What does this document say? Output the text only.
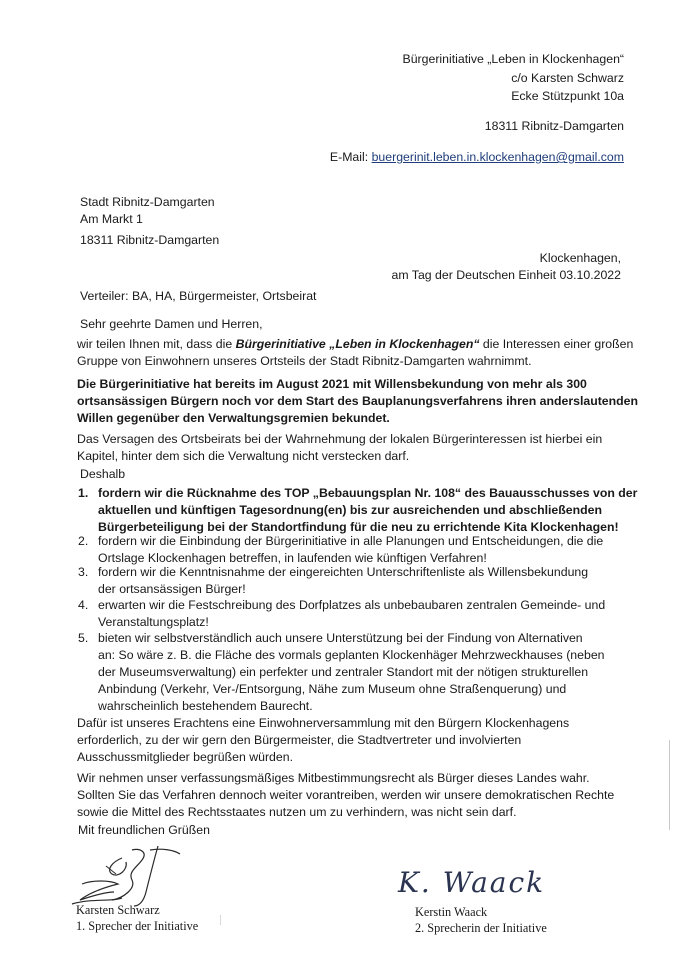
Bürgerinitiative „Leben in Klockenhagen“
c/o Karsten Schwarz
Ecke Stützpunkt 10a
18311 Ribnitz-Damgarten
E-Mail: buergerinit.leben.in.klockenhagen@gmail.com
Stadt Ribnitz-Damgarten
Am Markt 1
18311 Ribnitz-Damgarten
Klockenhagen,
am Tag der Deutschen Einheit 03.10.2022
Verteiler: BA, HA, Bürgermeister, Ortsbeirat
Sehr geehrte Damen und Herren,
wir teilen Ihnen mit, dass die Bürgerinitiative „Leben in Klockenhagen“ die Interessen einer großen
Gruppe von Einwohnern unseres Ortsteils der Stadt Ribnitz-Damgarten wahrnimmt.
Die Bürgerinitiative hat bereits im August 2021 mit Willensbekundung von mehr als 300
ortsansässigen Bürgern noch vor dem Start des Bauplanungsverfahrens ihren anderslautenden
Willen gegenüber den Verwaltungsgremien bekundet.
Das Versagen des Ortsbeirats bei der Wahrnehmung der lokalen Bürgerinteressen ist hierbei ein
Kapitel, hinter dem sich die Verwaltung nicht verstecken darf.
Deshalb
1. fordern wir die Rücknahme des TOP „Bebauungsplan Nr. 108“ des Bauausschusses von der
aktuellen und künftigen Tagesordnung(en) bis zur ausreichenden und abschließenden
Bürgerbeteiligung bei der Standortfindung für die neu zu errichtende Kita Klockenhagen!
2. fordern wir die Einbindung der Bürgerinitiative in alle Planungen und Entscheidungen, die die
Ortslage Klockenhagen betreffen, in laufenden wie künftigen Verfahren!
3. fordern wir die Kenntnisnahme der eingereichten Unterschriftenliste als Willensbekundung
der ortsansässigen Bürger!
4. erwarten wir die Festschreibung des Dorfplatzes als unbebaubaren zentralen Gemeinde- und
Veranstaltungsplatz!
5. bieten wir selbstverständlich auch unsere Unterstützung bei der Findung von Alternativen
an: So wäre z. B. die Fläche des vormals geplanten Klockenhäger Mehrzweckhauses (neben
der Museumsverwaltung) ein perfekter und zentraler Standort mit der nötigen strukturellen
Anbindung (Verkehr, Ver-/Entsorgung, Nähe zum Museum ohne Straßenquerung) und
wahrscheinlich bestehendem Baurecht.
Dafür ist unseres Erachtens eine Einwohnerversammlung mit den Bürgern Klockenhagens
erforderlich, zu der wir gern den Bürgermeister, die Stadtvertreter und involvierten
Ausschussmitglieder begrüßen würden.
Wir nehmen unser verfassungsmäßiges Mitbestimmungsrecht als Bürger dieses Landes wahr.
Sollten Sie das Verfahren dennoch weiter vorantreiben, werden wir unsere demokratischen Rechte
sowie die Mittel des Rechtsstaates nutzen um zu verhindern, was nicht sein darf.
Mit freundlichen Grüßen
Karsten Schwarz
1. Sprecher der Initiative
K. Waack
Kerstin Waack
2. Sprecherin der Initiative
